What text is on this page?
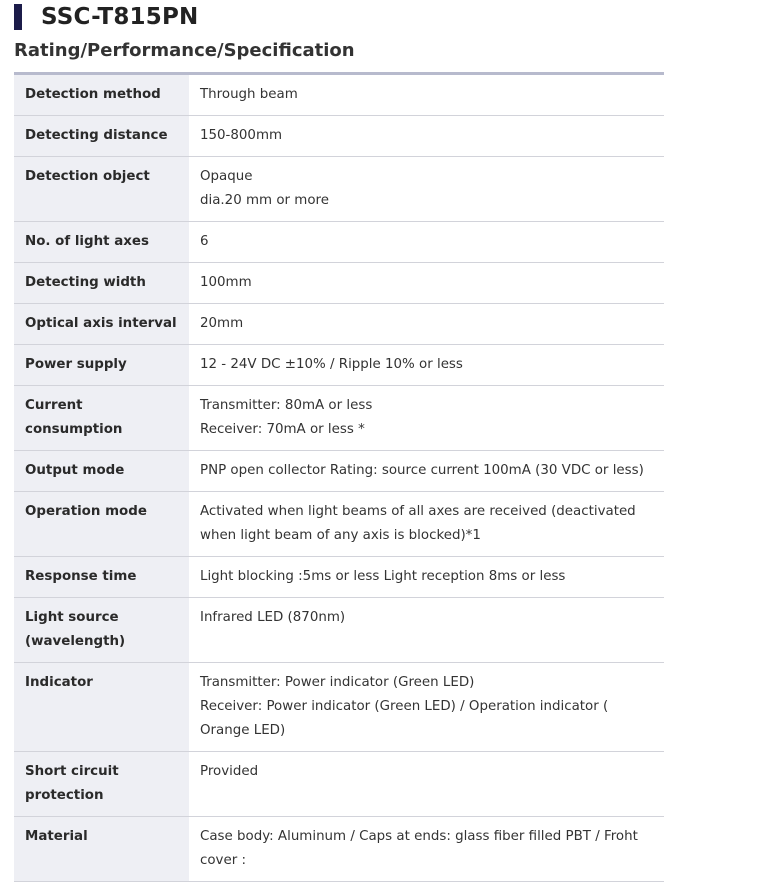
SSC-T815PN
Rating/Performance/Specification
Detection method	Through beam

Detecting distance	150-800mm

Detection object	Opaque
dia.20 mm or more

No. of light axes	6

Detecting width	100mm

Optical axis interval	20mm

Power supply	12 - 24V DC ±10% / Ripple 10% or less

Current consumption	Transmitter: 80mA or less
Receiver: 70mA or less *

Output mode	PNP open collector Rating: source current 100mA (30 VDC or less)

Operation mode	Activated when light beams of all axes are received (deactivated when light beam of any axis is blocked)*1

Response time	Light blocking :5ms or less Light reception 8ms or less

Light source (wavelength)	Infrared LED (870nm)

Indicator	Transmitter: Power indicator (Green LED)
Receiver: Power indicator (Green LED) / Operation indicator ( Orange LED)

Short circuit protection	Provided

Material	Case body: Aluminum / Caps at ends: glass fiber filled PBT / Froht cover :
